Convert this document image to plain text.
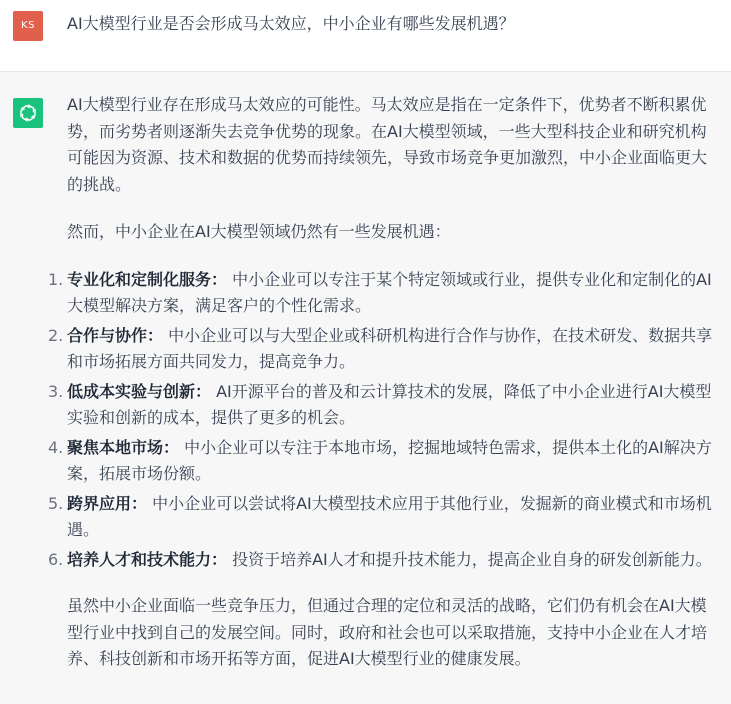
KS	AI大模型行业是否会形成马太效应，中小企业有哪些发展机遇？

AI大模型行业存在形成马太效应的可能性。马太效应是指在一定条件下，优势者不断积累优势，而劣势者则逐渐失去竞争优势的现象。在AI大模型领域，一些大型科技企业和研究机构可能因为资源、技术和数据的优势而持续领先，导致市场竞争更加激烈，中小企业面临更大的挑战。

然而，中小企业在AI大模型领域仍然有一些发展机遇：

1. 专业化和定制化服务： 中小企业可以专注于某个特定领域或行业，提供专业化和定制化的AI大模型解决方案，满足客户的个性化需求。
2. 合作与协作： 中小企业可以与大型企业或科研机构进行合作与协作，在技术研发、数据共享和市场拓展方面共同发力，提高竞争力。
3. 低成本实验与创新： AI开源平台的普及和云计算技术的发展，降低了中小企业进行AI大模型实验和创新的成本，提供了更多的机会。
4. 聚焦本地市场： 中小企业可以专注于本地市场，挖掘地域特色需求，提供本土化的AI解决方案，拓展市场份额。
5. 跨界应用： 中小企业可以尝试将AI大模型技术应用于其他行业，发掘新的商业模式和市场机遇。
6. 培养人才和技术能力： 投资于培养AI人才和提升技术能力，提高企业自身的研发创新能力。

虽然中小企业面临一些竞争压力，但通过合理的定位和灵活的战略，它们仍有机会在AI大模型行业中找到自己的发展空间。同时，政府和社会也可以采取措施，支持中小企业在人才培养、科技创新和市场开拓等方面，促进AI大模型行业的健康发展。
